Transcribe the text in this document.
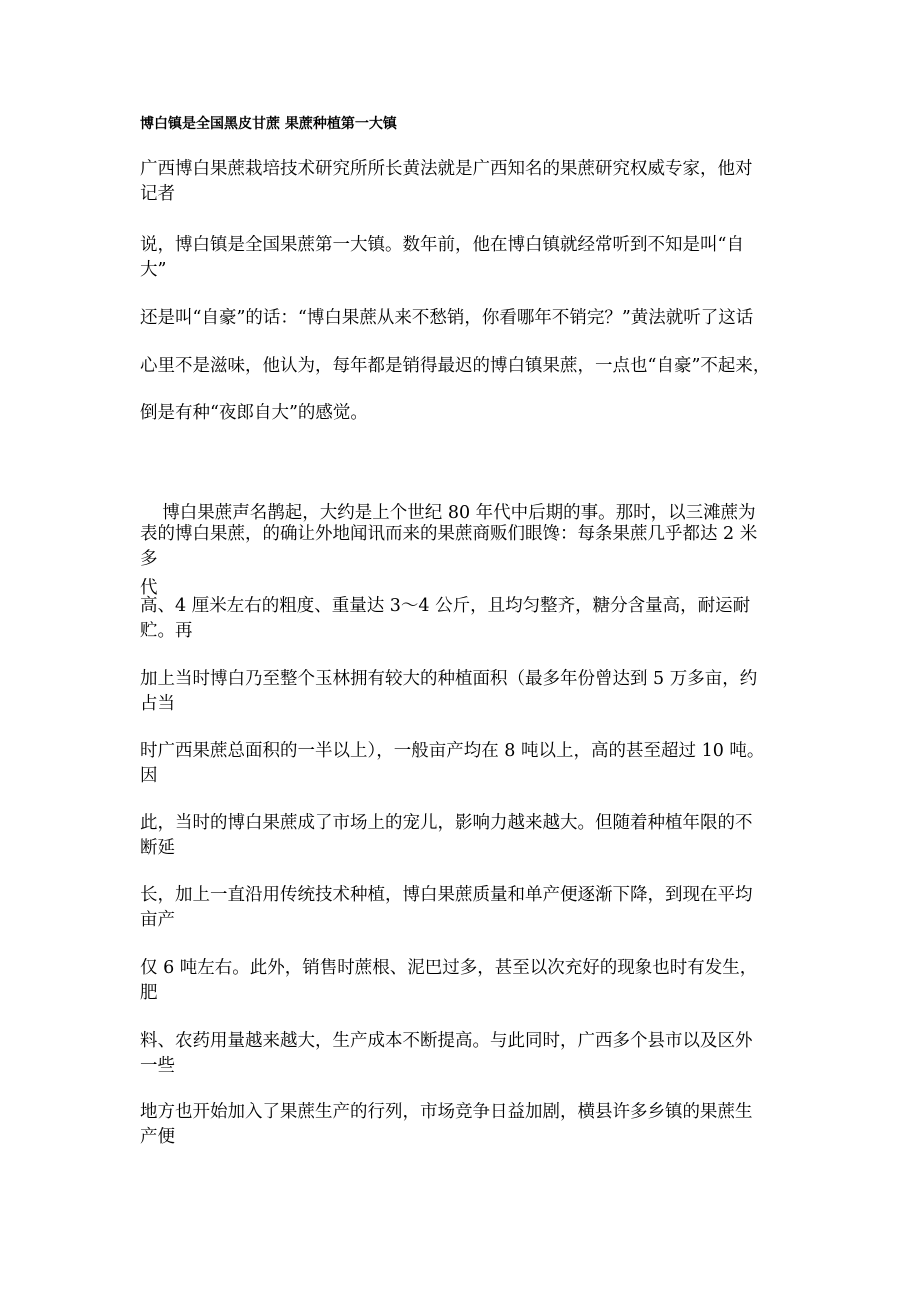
博白镇是全国黑皮甘蔗 果蔗种植第一大镇
广西博白果蔗栽培技术研究所所长黄法就是广西知名的果蔗研究权威专家，他对
记者
说，博白镇是全国果蔗第一大镇。数年前，他在博白镇就经常听到不知是叫“自
大”
还是叫“自豪”的话：“博白果蔗从来不愁销，你看哪年不销完？”黄法就听了这话
心里不是滋味，他认为，每年都是销得最迟的博白镇果蔗，一点也“自豪”不起来，
倒是有种“夜郎自大”的感觉。

博白果蔗声名鹊起，大约是上个世纪 80 年代中后期的事。那时，以三滩蔗为

代

表的博白果蔗，的确让外地闻讯而来的果蔗商贩们眼馋：每条果蔗几乎都达 2 米
多
高、4 厘米左右的粗度、重量达 3～4 公斤，且均匀整齐，糖分含量高，耐运耐
贮。再
加上当时博白乃至整个玉林拥有较大的种植面积（最多年份曾达到 5 万多亩，约
占当
时广西果蔗总面积的一半以上），一般亩产均在 8 吨以上，高的甚至超过 10 吨。
因
此，当时的博白果蔗成了市场上的宠儿，影响力越来越大。但随着种植年限的不
断延
长，加上一直沿用传统技术种植，博白果蔗质量和单产便逐渐下降，到现在平均
亩产
仅 6 吨左右。此外，销售时蔗根、泥巴过多，甚至以次充好的现象也时有发生，
肥
料、农药用量越来越大，生产成本不断提高。与此同时，广西多个县市以及区外
一些
地方也开始加入了果蔗生产的行列，市场竞争日益加剧，横县许多乡镇的果蔗生
产便
